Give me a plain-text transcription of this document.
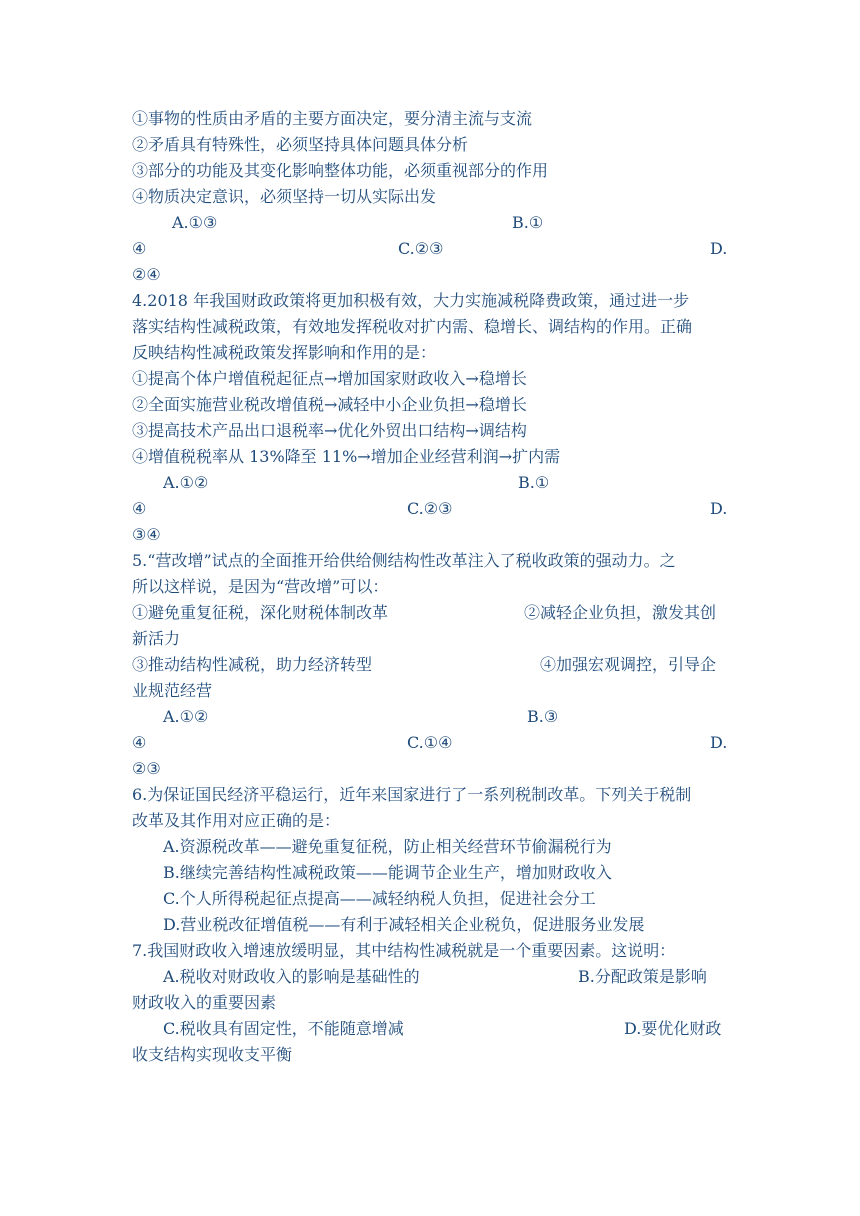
①事物的性质由矛盾的主要方面决定，要分清主流与支流
②矛盾具有特殊性，必须坚持具体问题具体分析
③部分的功能及其变化影响整体功能，必须重视部分的作用
④物质决定意识，必须坚持一切从实际出发
A.①③	B.①
④	C.②③	D.
②④
4.2018 年我国财政政策将更加积极有效，大力实施减税降费政策，通过进一步
落实结构性减税政策，有效地发挥税收对扩内需、稳增长、调结构的作用。正确
反映结构性减税政策发挥影响和作用的是：
①提高个体户增值税起征点→增加国家财政收入→稳增长
②全面实施营业税改增值税→减轻中小企业负担→稳增长
③提高技术产品出口退税率→优化外贸出口结构→调结构
④增值税税率从 13%降至 11%→增加企业经营利润→扩内需
A.①②	B.①
④	C.②③	D.
③④
5.“营改增”试点的全面推开给供给侧结构性改革注入了税收政策的强动力。之
所以这样说，是因为“营改增”可以：
①避免重复征税，深化财税体制改革	②减轻企业负担，激发其创
新活力
③推动结构性减税，助力经济转型	④加强宏观调控，引导企
业规范经营
A.①②	B.③
④	C.①④	D.
②③
6.为保证国民经济平稳运行，近年来国家进行了一系列税制改革。下列关于税制
改革及其作用对应正确的是：
A.资源税改革——避免重复征税，防止相关经营环节偷漏税行为
B.继续完善结构性减税政策——能调节企业生产，增加财政收入
C.个人所得税起征点提高——减轻纳税人负担，促进社会分工
D.营业税改征增值税——有利于减轻相关企业税负，促进服务业发展
7.我国财政收入增速放缓明显，其中结构性减税就是一个重要因素。这说明：
A.税收对财政收入的影响是基础性的	B.分配政策是影响
财政收入的重要因素
C.税收具有固定性，不能随意增减	D.要优化财政
收支结构实现收支平衡
